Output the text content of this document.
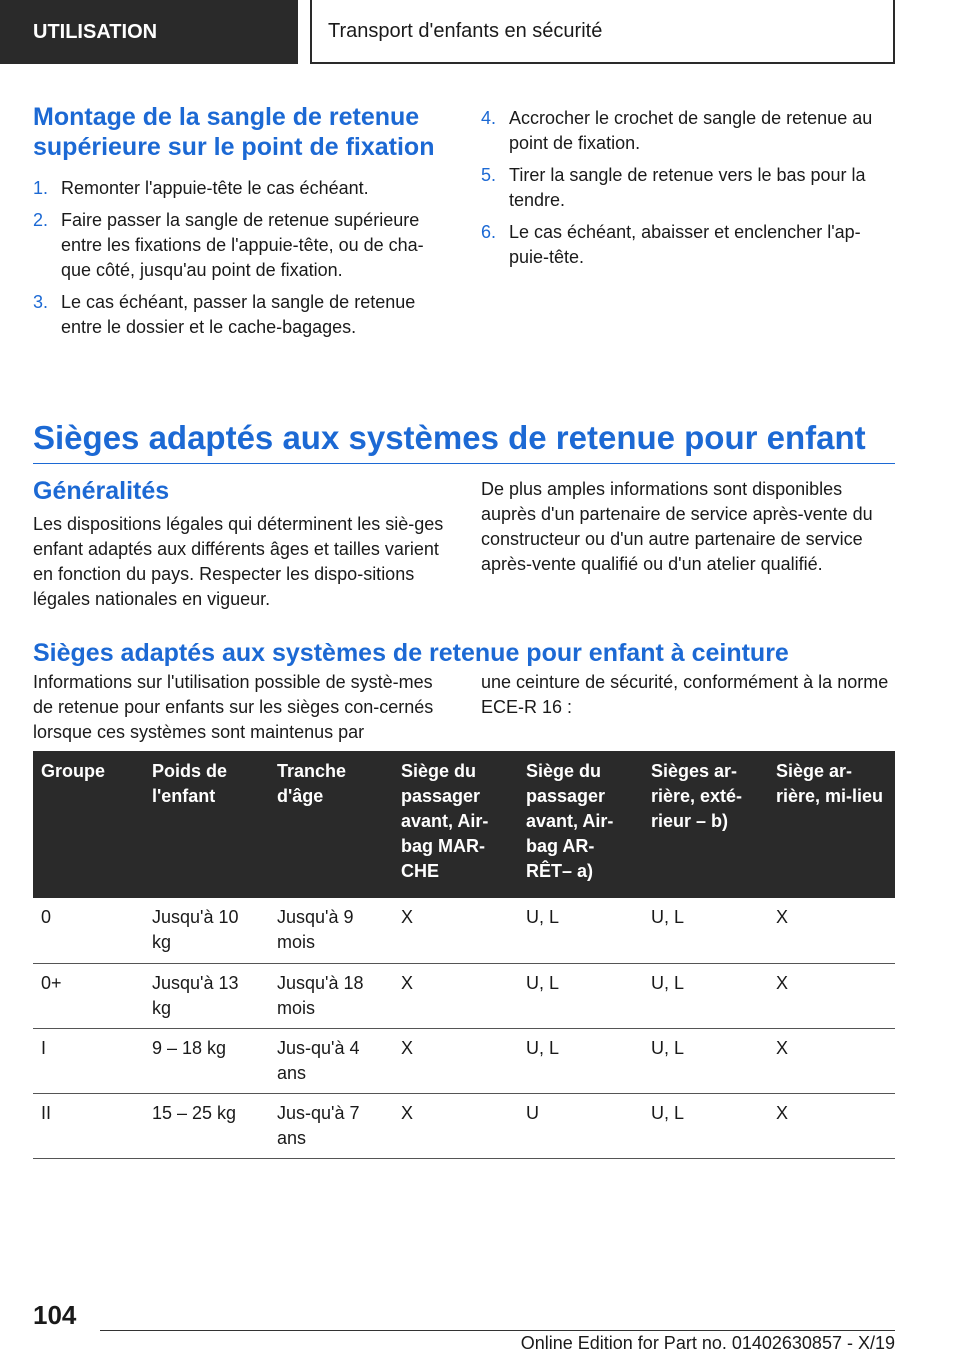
UTILISATION	Transport d'enfants en sécurité
Montage de la sangle de retenue supérieure sur le point de fixation
1. Remonter l'appuie-tête le cas échéant.
2. Faire passer la sangle de retenue supérieure entre les fixations de l'appuie-tête, ou de cha-que côté, jusqu'au point de fixation.
3. Le cas échéant, passer la sangle de retenue entre le dossier et le cache-bagages.
4. Accrocher le crochet de sangle de retenue au point de fixation.
5. Tirer la sangle de retenue vers le bas pour la tendre.
6. Le cas échéant, abaisser et enclencher l'ap-puie-tête.
Sièges adaptés aux systèmes de retenue pour enfant
Généralités

Les dispositions légales qui déterminent les siè-ges enfant adaptés aux différents âges et tailles varient en fonction du pays. Respecter les dispo-sitions légales nationales en vigueur.

De plus amples informations sont disponibles auprès d'un partenaire de service après-vente du constructeur ou d'un autre partenaire de service après-vente qualifié ou d'un atelier qualifié.

Sièges adaptés aux systèmes de retenue pour enfant à ceinture

Informations sur l'utilisation possible de systè-mes de retenue pour enfants sur les sièges con-cernés lorsque ces systèmes sont maintenus par

une ceinture de sécurité, conformément à la norme ECE-R 16 :

Groupe	Poids de l'enfant	Tranche d'âge	Siège du passager avant, Air-bag MAR-CHE	Siège du passager avant, Air-bag AR-RÊT– a)	Sièges ar-rière, exté-rieur – b)	Siège ar-rière, mi-lieu
0	Jusqu'à 10 kg	Jusqu'à 9 mois	X	U, L	U, L	X
0+	Jusqu'à 13 kg	Jusqu'à 18 mois	X	U, L	U, L	X
I	9 – 18 kg	Jus-qu'à 4 ans	X	U, L	U, L	X
II	15 – 25 kg	Jus-qu'à 7 ans	X	U	U, L	X
104
Online Edition for Part no. 01402630857 - X/19
